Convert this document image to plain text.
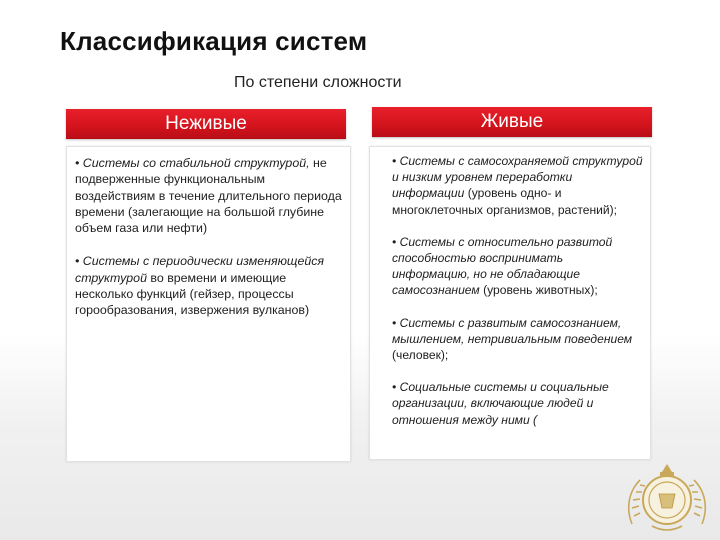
Классификация систем
По степени сложности
Неживые	Живые

• Системы со стабильной структурой, не подверженные функциональным воздействиям в течение длительного периода времени (залегающие на большой глубине объем газа или нефти)

• Системы с периодически изменяющейся структурой во времени и имеющие несколько функций (гейзер, процессы горообразования, извержения вулканов)

• Системы с самосохраняемой структурой и низким уровнем переработки информации (уровень одно- и многоклеточных организмов, растений);

• Системы с относительно развитой способностью воспринимать информацию, но не обладающие самосознанием (уровень животных);

• Системы с развитым самосознанием, мышлением, нетривиальным поведением (человек);

• Социальные системы и социальные организации, включающие людей и отношения между ними (
